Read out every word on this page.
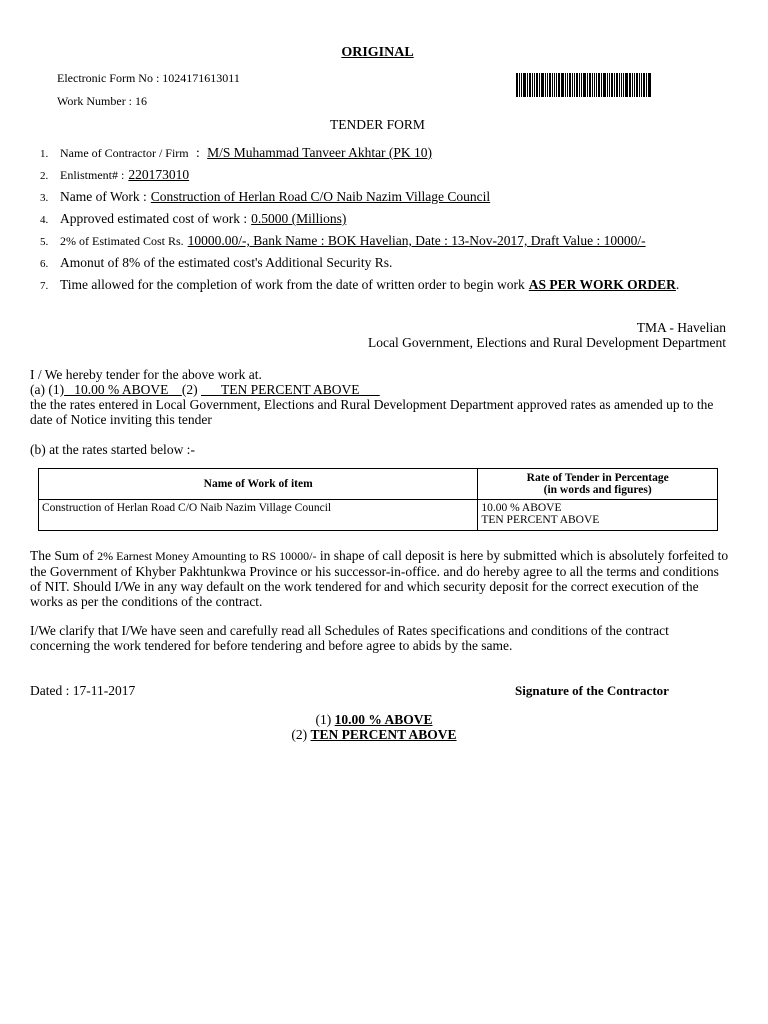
ORIGINAL
Electronic Form No : 1024171613011
Work Number : 16
TENDER FORM
1. Name of Contractor / Firm  :  M/S Muhammad Tanveer Akhtar (PK 10)
2. Enlistment# : 220173010
3. Name of Work : Construction of Herlan Road C/O Naib Nazim Village Council
4. Approved estimated cost of work : 0.5000 (Millions)
5. 2% of Estimated Cost Rs. 10000.00/-, Bank Name : BOK Havelian, Date : 13-Nov-2017, Draft Value : 10000/-
6. Amonut of 8% of the estimated cost's Additional Security Rs.
7. Time allowed for the completion of work from the date of written order to begin work AS PER WORK ORDER.
TMA - Havelian
Local Government, Elections and Rural Development Department
I / We hereby tender for the above work at.
(a) (1)   10.00 % ABOVE    (2)       TEN PERCENT ABOVE
the the rates entered in Local Government, Elections and Rural Development Department approved rates as amended up to the date of Notice inviting this tender
(b) at the rates started below :-
Name of Work of item	Rate of Tender in Percentage
(in words and figures)

Construction of Herlan Road C/O Naib Nazim Village Council	10.00 % ABOVE
TEN PERCENT ABOVE
The Sum of 2% Earnest Money Amounting to RS 10000/- in shape of call deposit is here by submitted which is absolutely forfeited to the Government of Khyber Pakhtunkwa Province or his successor-in-office. and do hereby agree to all the terms and conditions of NIT. Should I/We in any way default on the work tendered for and which security deposit for the correct execution of the works as per the conditions of the contract.
I/We clarify that I/We have seen and carefully read all Schedules of Rates specifications and conditions of the contract concerning the work tendered for before tendering and before agree to abids by the same.
Dated : 17-11-2017	Signature of the Contractor
(1) 10.00 % ABOVE
(2) TEN PERCENT ABOVE
